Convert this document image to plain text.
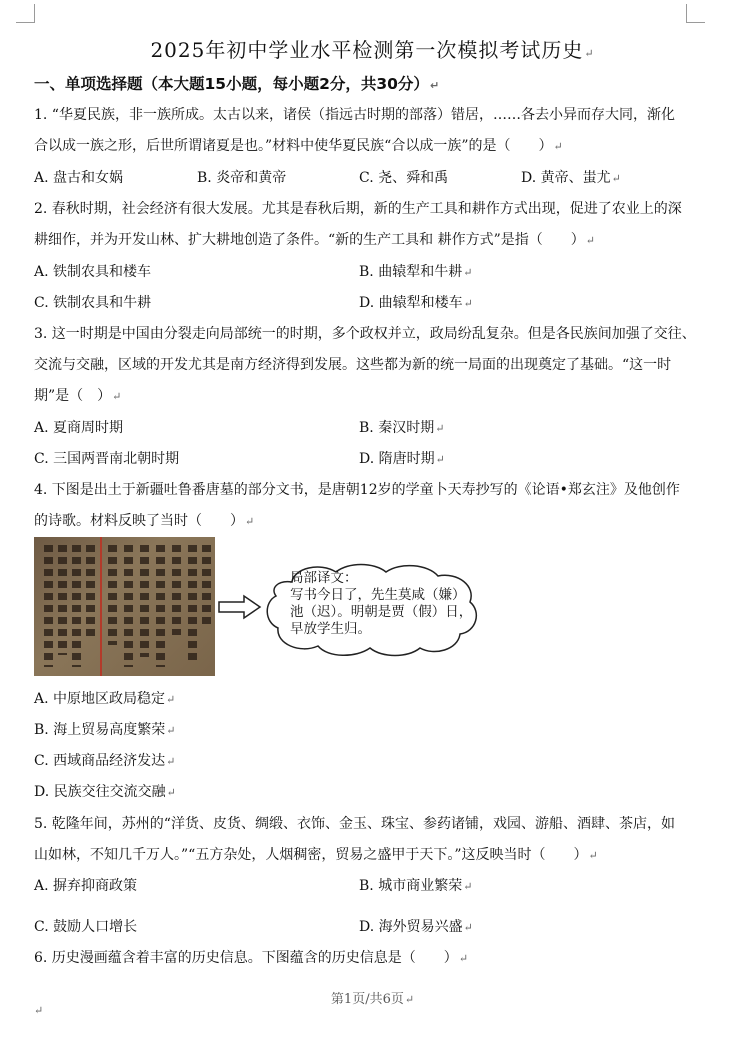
2025年初中学业水平检测第一次模拟考试历史↵
一、单项选择题（本大题15小题，每小题2分，共30分）↵
1. “华夏民族，非一族所成。太古以来，诸侯（指远古时期的部落）错居，……各去小异而存大同，渐化
合以成一族之形，后世所谓诸夏是也。”材料中使华夏民族“合以成一族”的是（　　）↵
A. 盘古和女娲	B. 炎帝和黄帝	C. 尧、舜和禹	D. 黄帝、蚩尤↵
2. 春秋时期，社会经济有很大发展。尤其是春秋后期，新的生产工具和耕作方式出现，促进了农业上的深
耕细作，并为开发山林、扩大耕地创造了条件。“新的生产工具和 耕作方式”是指（　　）↵
A. 铁制农具和楼车	B. 曲辕犁和牛耕↵
C. 铁制农具和牛耕	D. 曲辕犁和楼车↵
3. 这一时期是中国由分裂走向局部统一的时期，多个政权并立，政局纷乱复杂。但是各民族间加强了交往、
交流与交融，区域的开发尤其是南方经济得到发展。这些都为新的统一局面的出现奠定了基础。“这一时
期”是（　）↵
A. 夏商周时期	B. 秦汉时期↵
C. 三国两晋南北朝时期	D. 隋唐时期↵
4. 下图是出土于新疆吐鲁番唐墓的部分文书，是唐朝12岁的学童卜天寿抄写的《论语•郑玄注》及他创作
的诗歌。材料反映了当时（　　）↵
局部译文：
写书今日了，先生莫咸（嫌）
池（迟）。明朝是贾（假）日，
早放学生归。
A. 中原地区政局稳定↵
B. 海上贸易高度繁荣↵
C. 西域商品经济发达↵
D. 民族交往交流交融↵
5. 乾隆年间，苏州的“洋货、皮货、绸缎、衣饰、金玉、珠宝、参药诸铺，戏园、游船、酒肆、茶店，如
山如林，不知几千万人。”“五方杂处，人烟稠密，贸易之盛甲于天下。”这反映当时（　　）↵
A. 摒弃抑商政策	B. 城市商业繁荣↵
C. 鼓励人口增长	D. 海外贸易兴盛↵
6. 历史漫画蕴含着丰富的历史信息。下图蕴含的历史信息是（　　）↵
第1页/共6页↵
↵
